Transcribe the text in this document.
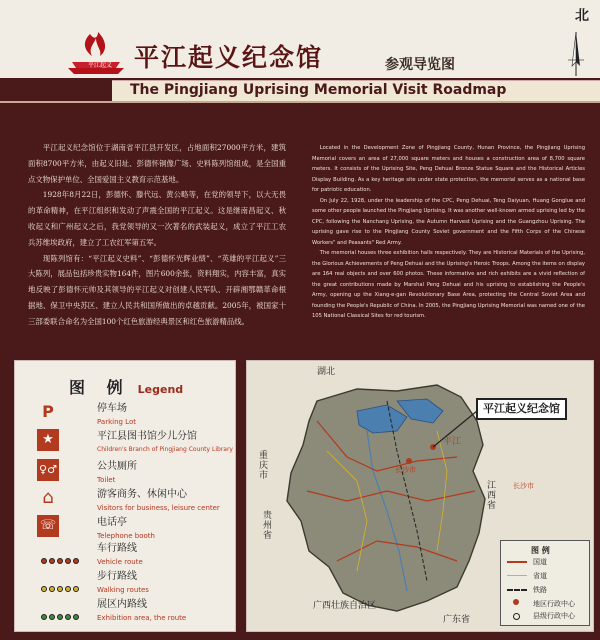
平江起义 平江起义纪念馆	参观导览图
北
The Pingjiang Uprising Memorial Visit Roadmap

平江起义纪念馆位于湖南省平江县开发区，占地面积27000平方米，建筑面积8700平方米，由起义旧址、彭德怀铜像广场、史料陈列馆组成，是全国重点文物保护单位、全国爱国主义教育示范基地。

1928年8月22日，彭德怀、滕代远、黄公略等，在党的领导下，以大无畏的革命精神，在平江组织和发动了声震全国的平江起义。这是继南昌起义、秋收起义和广州起义之后，我党领导的又一次著名的武装起义，成立了平江工农兵苏维埃政府，建立了工农红军第五军。

现陈列馆有：“平江起义史料”、“彭德怀光辉业绩”、“英雄的平江起义”三大陈列，展品包括珍贵实物164件，图片600余张，资料翔实，内容丰富，真实地反映了彭德怀元帅及其领导的平江起义对创建人民军队、开辟湘鄂赣革命根据地、保卫中央苏区、建立人民共和国所做出的卓越贡献。2005年，被国家十三部委联合命名为全国100个红色旅游经典景区和红色旅游精品线。

Located in the Development Zone of Pingjiang County, Hunan Province, the Pingjiang Uprising Memorial covers an area of 27,000 square meters and houses a construction area of 8,700 square meters. It consists of the Uprising Site, Peng Dehuai Bronze Statue Square and the Historical Articles Display Building. As a key heritage site under state protection, the memorial serves as a national base for patriotic education.

On July 22, 1928, under the leadership of the CPC, Peng Dehuai, Teng Daiyuan, Huang Gonglue and some other people launched the Pingjiang Uprising. It was another well-known armed uprising led by the CPC, following the Nanchang Uprising, the Autumn Harvest Uprising and the Guangzhou Uprising. The uprising gave rise to the Pingjiang County Soviet government and the Fifth Corps of the Chinese Workers" and Peasants" Red Army.

The memorial houses three exhibition halls respectively. They are Historical Materials of the Uprising, the Glorious Achievements of Peng Dehuai and the Uprising's Heroic Troops. Among the items on display are 164 real objects and over 600 photos. These informative and rich exhibits are a vivid reflection of the great contributions made by Marshal Peng Dehuai and his uprising to establishing the People's Army, opening up the Xiang-e-gan Revolutionary Base Area, protecting the Central Soviet Area and founding the People's Republic of China. In 2005, the Pingjiang Uprising Memorial was named one of the 105 National Classical Sites for red tourism.

图 例 Legend
P	停车场
Parking Lot
★	平江县图书馆少儿分馆
Children's Branch of Pingjiang County Library
♀♂	公共厕所
Toilet
⌂	游客商务、休闲中心
Visitors for business, leisure center
☏	电话亭
Telephone booth
车行路线
Vehicle route
步行路线
Walking routes
展区内路线
Exhibition area, the route
湖北
重庆市
贵州省
江西省
广西壮族自治区
广东省
平江
长沙市
长沙市
平江起义纪念馆
图 例
国道
省道
铁路
地区行政中心
县级行政中心
